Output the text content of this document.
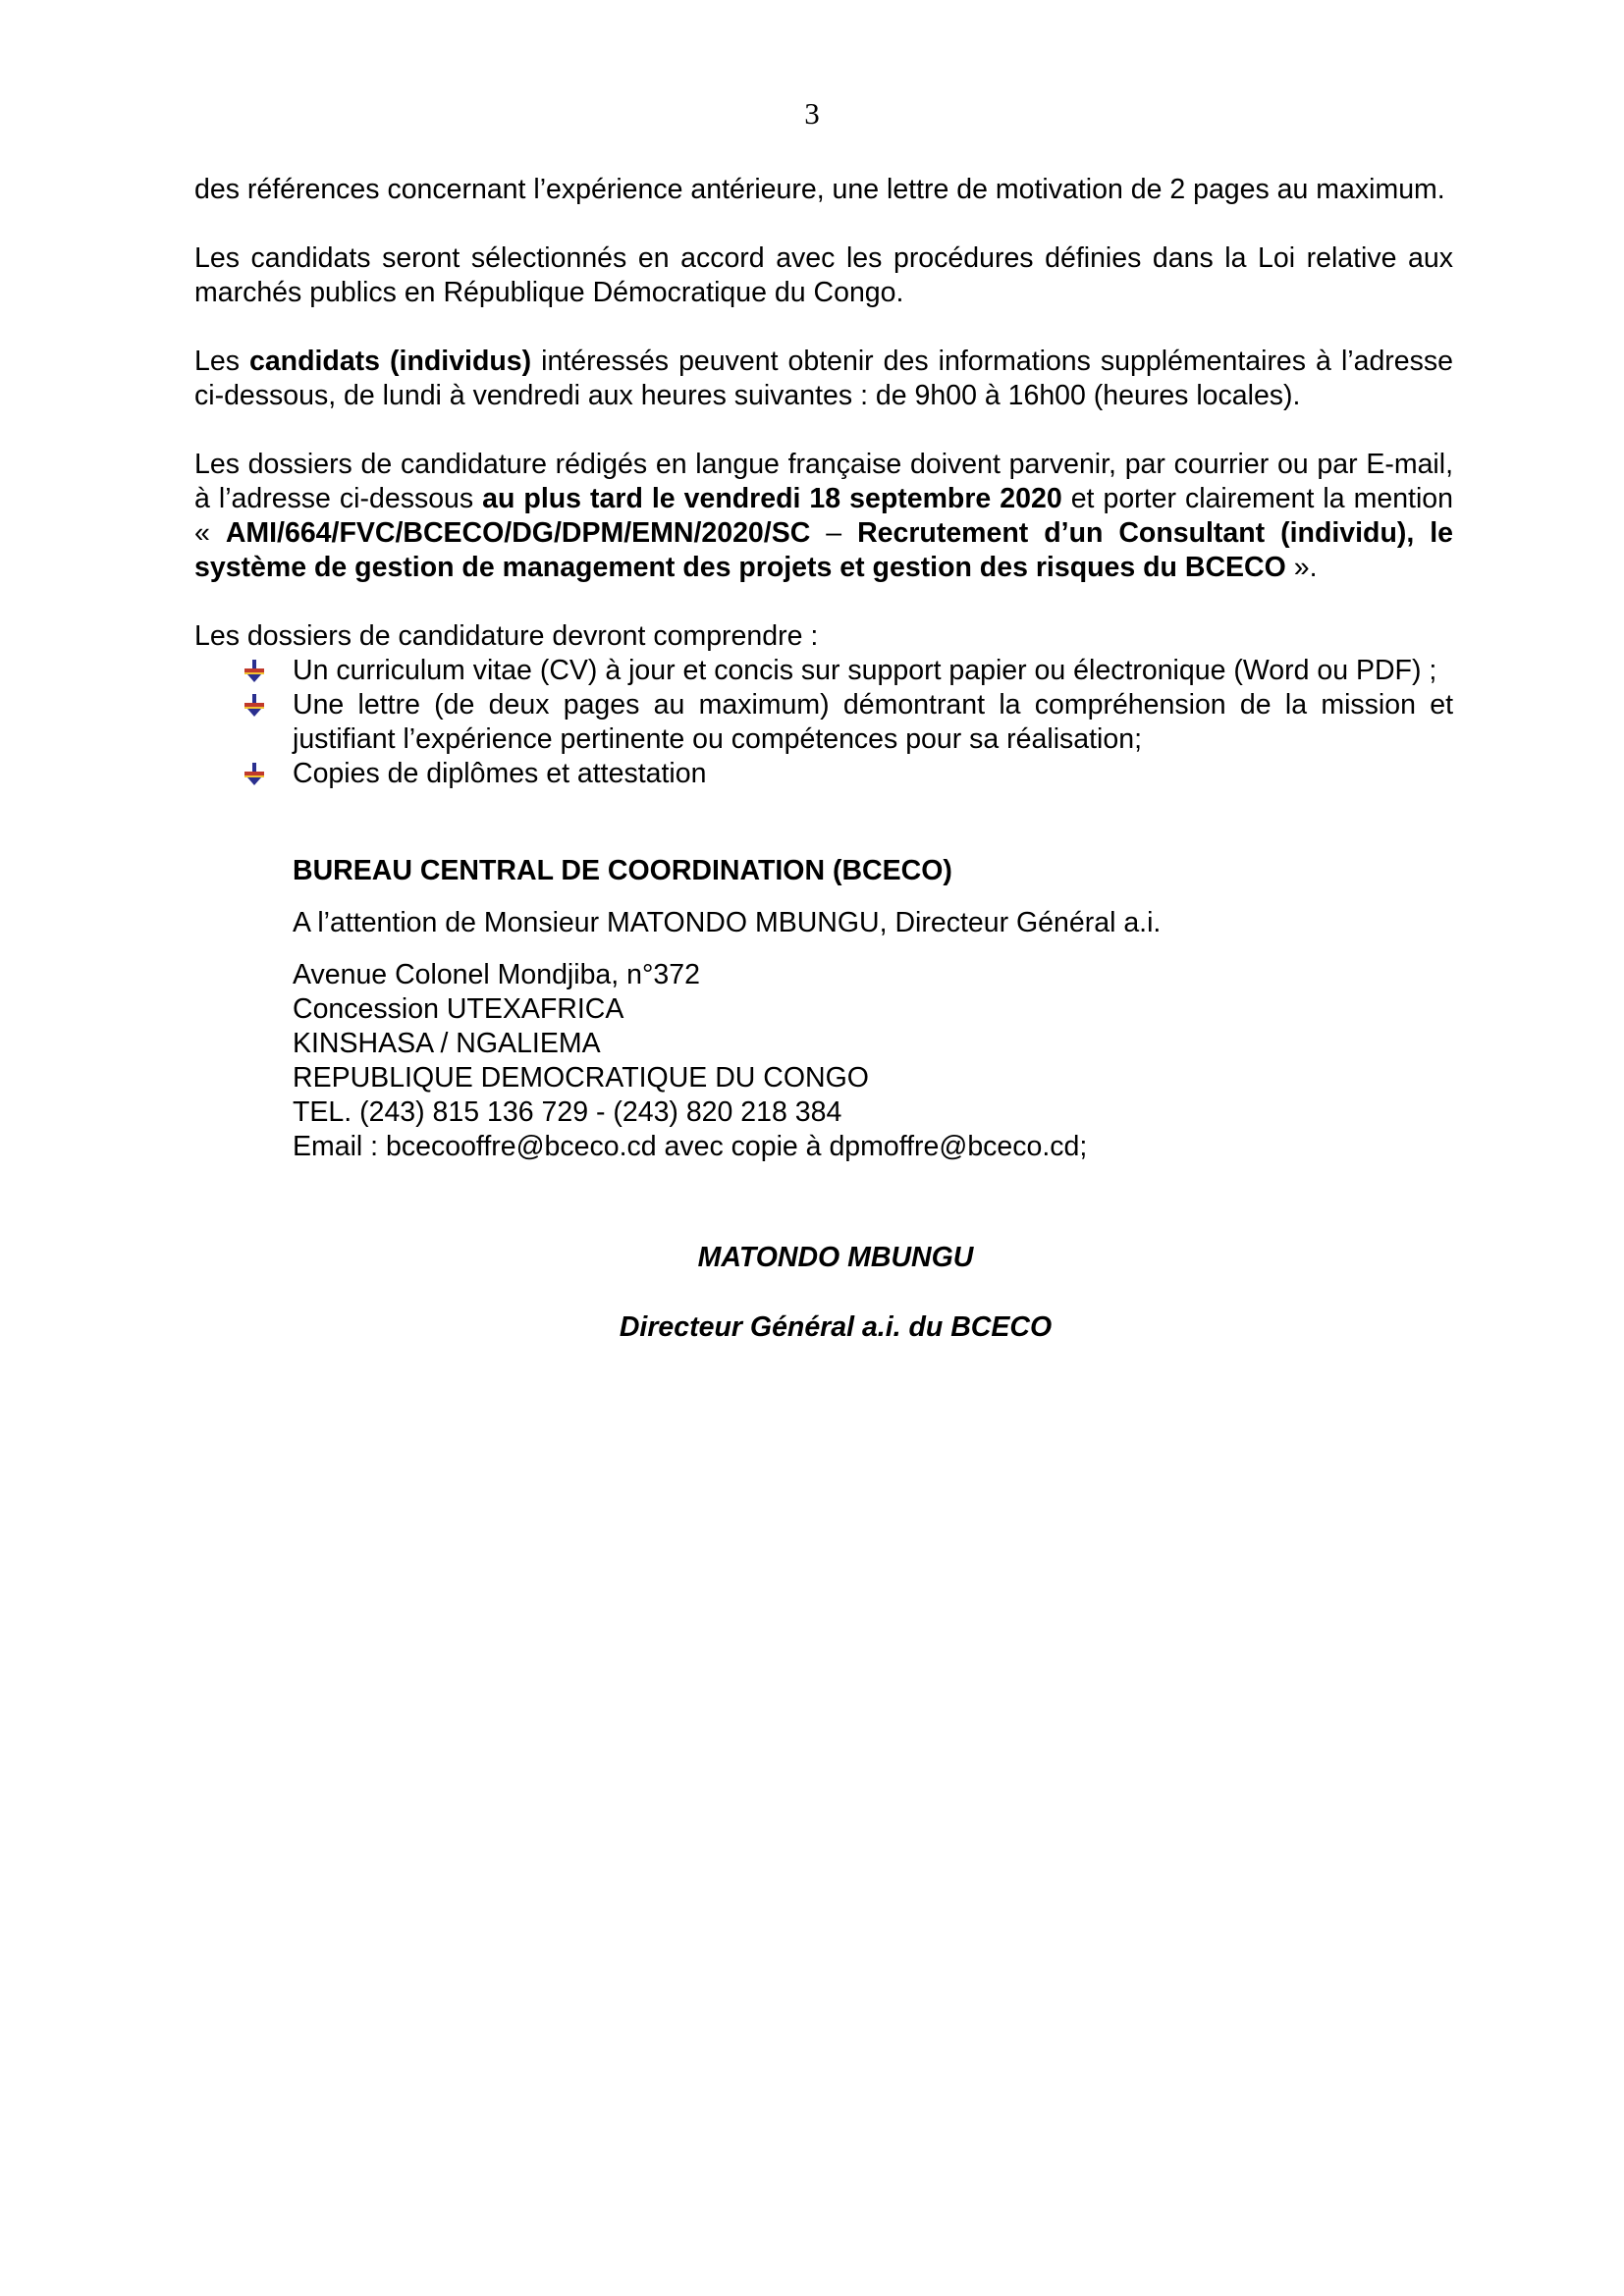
3

des références concernant l’expérience antérieure, une lettre de motivation de 2 pages au maximum.

Les candidats seront sélectionnés en accord avec les procédures définies dans la Loi relative aux marchés publics en République Démocratique du Congo.

Les candidats (individus) intéressés peuvent obtenir des informations supplémentaires à l’adresse ci-dessous, de lundi à vendredi aux heures suivantes : de 9h00 à 16h00 (heures locales).

Les dossiers de candidature rédigés en langue française doivent parvenir, par courrier ou par E-mail, à l’adresse ci-dessous au plus tard le vendredi 18 septembre 2020 et porter clairement la mention « AMI/664/FVC/BCECO/DG/DPM/EMN/2020/SC – Recrutement d’un Consultant (individu), le système de gestion de management des projets et gestion des risques du BCECO ».

Les dossiers de candidature devront comprendre :

Un curriculum vitae (CV) à jour et concis sur support papier ou électronique (Word ou PDF) ;
Une lettre (de deux pages au maximum) démontrant la compréhension de la mission et justifiant l’expérience pertinente ou compétences pour sa réalisation;
Copies de diplômes et attestation
BUREAU CENTRAL DE COORDINATION (BCECO)
A l’attention de Monsieur MATONDO MBUNGU, Directeur Général a.i.
Avenue Colonel Mondjiba, n°372
Concession UTEXAFRICA
KINSHASA / NGALIEMA
REPUBLIQUE DEMOCRATIQUE DU CONGO
TEL. (243) 815 136 729 - (243) 820 218 384
Email : bcecooffre@bceco.cd avec copie à dpmoffre@bceco.cd;
MATONDO MBUNGU
Directeur Général a.i. du BCECO
